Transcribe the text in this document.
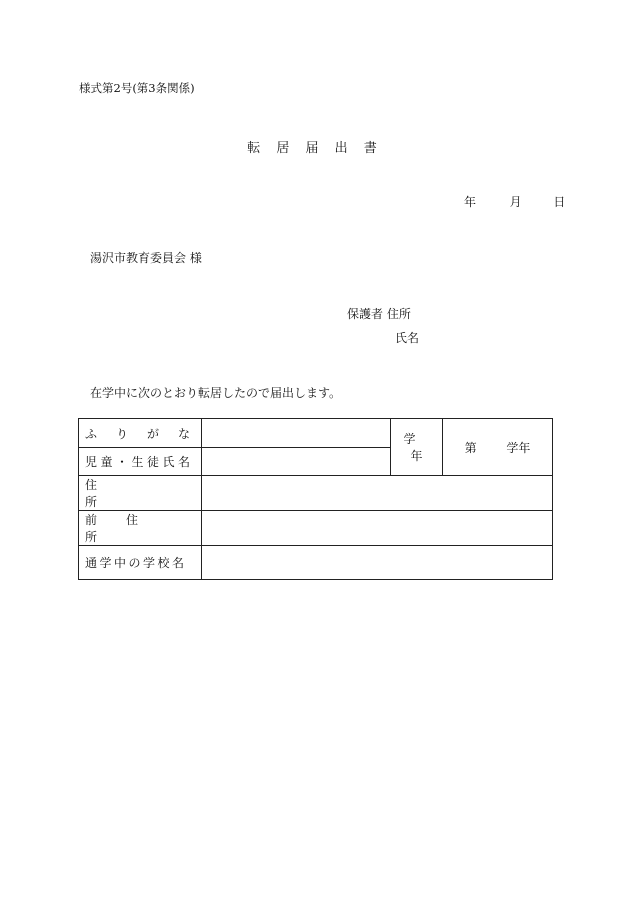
様式第2号(第3条関係)
転 居 届 出 書
年	月	日
湯沢市教育委員会 様
保護者 住所
氏名
在学中に次のとおり転居したので届出します。
ふりがな		学年	第 学年
児童・生徒氏名			
住所			
前住所			
通学中の学校名			
